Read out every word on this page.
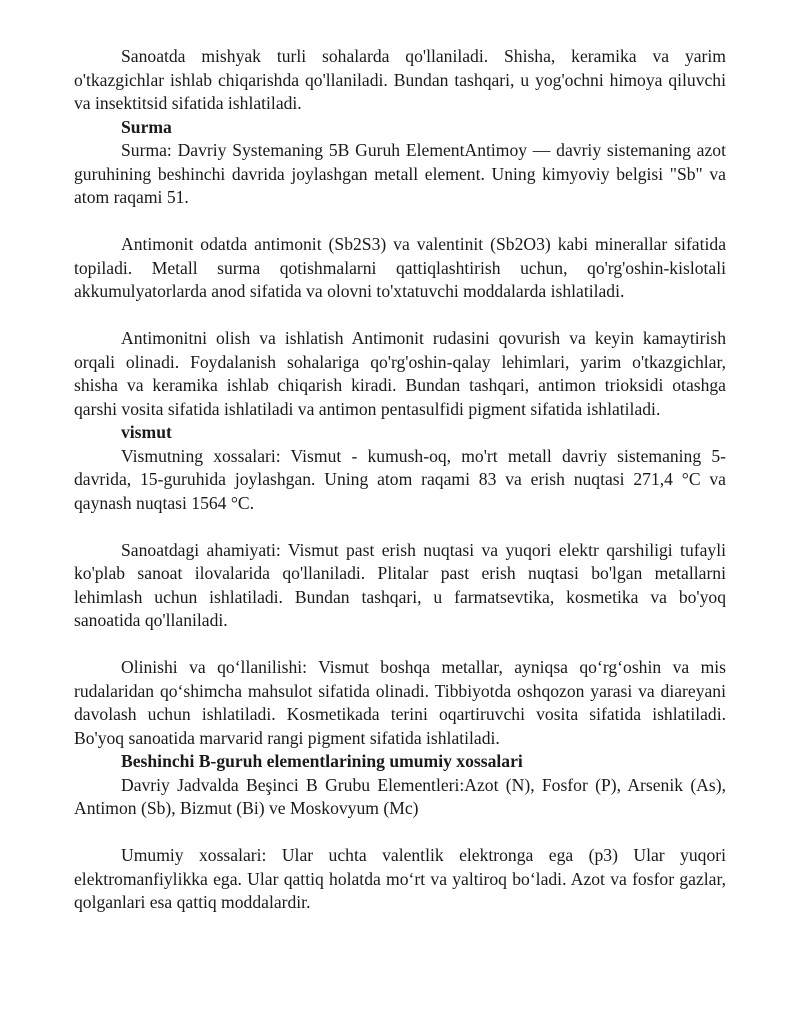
Sanoatda mishyak turli sohalarda qo'llaniladi. Shisha, keramika va yarim o'tkazgichlar ishlab chiqarishda qo'llaniladi. Bundan tashqari, u yog'ochni himoya qiluvchi va insektitsid sifatida ishlatiladi.

Surma

Surma: Davriy Systemaning 5B Guruh ElementAntimoy — davriy sistemaning azot guruhining beshinchi davrida joylashgan metall element. Uning kimyoviy belgisi "Sb" va atom raqami 51.

Antimonit odatda antimonit (Sb2S3) va valentinit (Sb2O3) kabi minerallar sifatida topiladi. Metall surma qotishmalarni qattiqlashtirish uchun, qo'rg'oshin-kislotali akkumulyatorlarda anod sifatida va olovni to'xtatuvchi moddalarda ishlatiladi.

Antimonitni olish va ishlatish Antimonit rudasini qovurish va keyin kamaytirish orqali olinadi. Foydalanish sohalariga qo'rg'oshin-qalay lehimlari, yarim o'tkazgichlar, shisha va keramika ishlab chiqarish kiradi. Bundan tashqari, antimon trioksidi otashga qarshi vosita sifatida ishlatiladi va antimon pentasulfidi pigment sifatida ishlatiladi.

vismut

Vismutning xossalari: Vismut - kumush-oq, mo'rt metall davriy sistemaning 5-davrida, 15-guruhida joylashgan. Uning atom raqami 83 va erish nuqtasi 271,4 °C va qaynash nuqtasi 1564 °C.

Sanoatdagi ahamiyati: Vismut past erish nuqtasi va yuqori elektr qarshiligi tufayli ko'plab sanoat ilovalarida qo'llaniladi. Plitalar past erish nuqtasi bo'lgan metallarni lehimlash uchun ishlatiladi. Bundan tashqari, u farmatsevtika, kosmetika va bo'yoq sanoatida qo'llaniladi.

Olinishi va qo‘llanilishi: Vismut boshqa metallar, ayniqsa qo‘rg‘oshin va mis rudalaridan qo‘shimcha mahsulot sifatida olinadi. Tibbiyotda oshqozon yarasi va diareyani davolash uchun ishlatiladi. Kosmetikada terini oqartiruvchi vosita sifatida ishlatiladi. Bo'yoq sanoatida marvarid rangi pigment sifatida ishlatiladi.

Beshinchi B-guruh elementlarining umumiy xossalari

Davriy Jadvalda Beşinci B Grubu Elementleri:Azot (N), Fosfor (P), Arsenik (As), Antimon (Sb), Bizmut (Bi) ve Moskovyum (Mc)

Umumiy xossalari: Ular uchta valentlik elektronga ega (p3) Ular yuqori elektromanfiylikka ega. Ular qattiq holatda mo‘rt va yaltiroq bo‘ladi. Azot va fosfor gazlar, qolganlari esa qattiq moddalardir.
